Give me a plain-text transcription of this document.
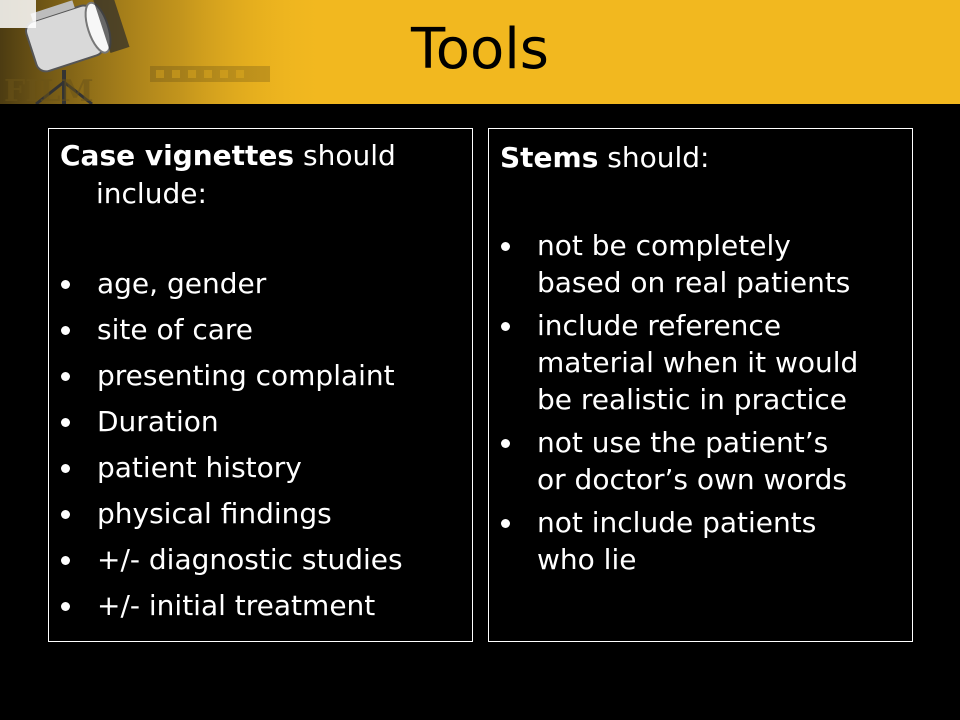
FILM
Tools
Case vignettes should
include:
age, gender
site of care
presenting complaint
Duration
patient history
physical findings
+/- diagnostic studies
+/- initial treatment
Stems should:
not be completely
based on real patients
include reference
material when it would
be realistic in practice
not use the patient’s
or doctor’s own words
not include patients
who lie
